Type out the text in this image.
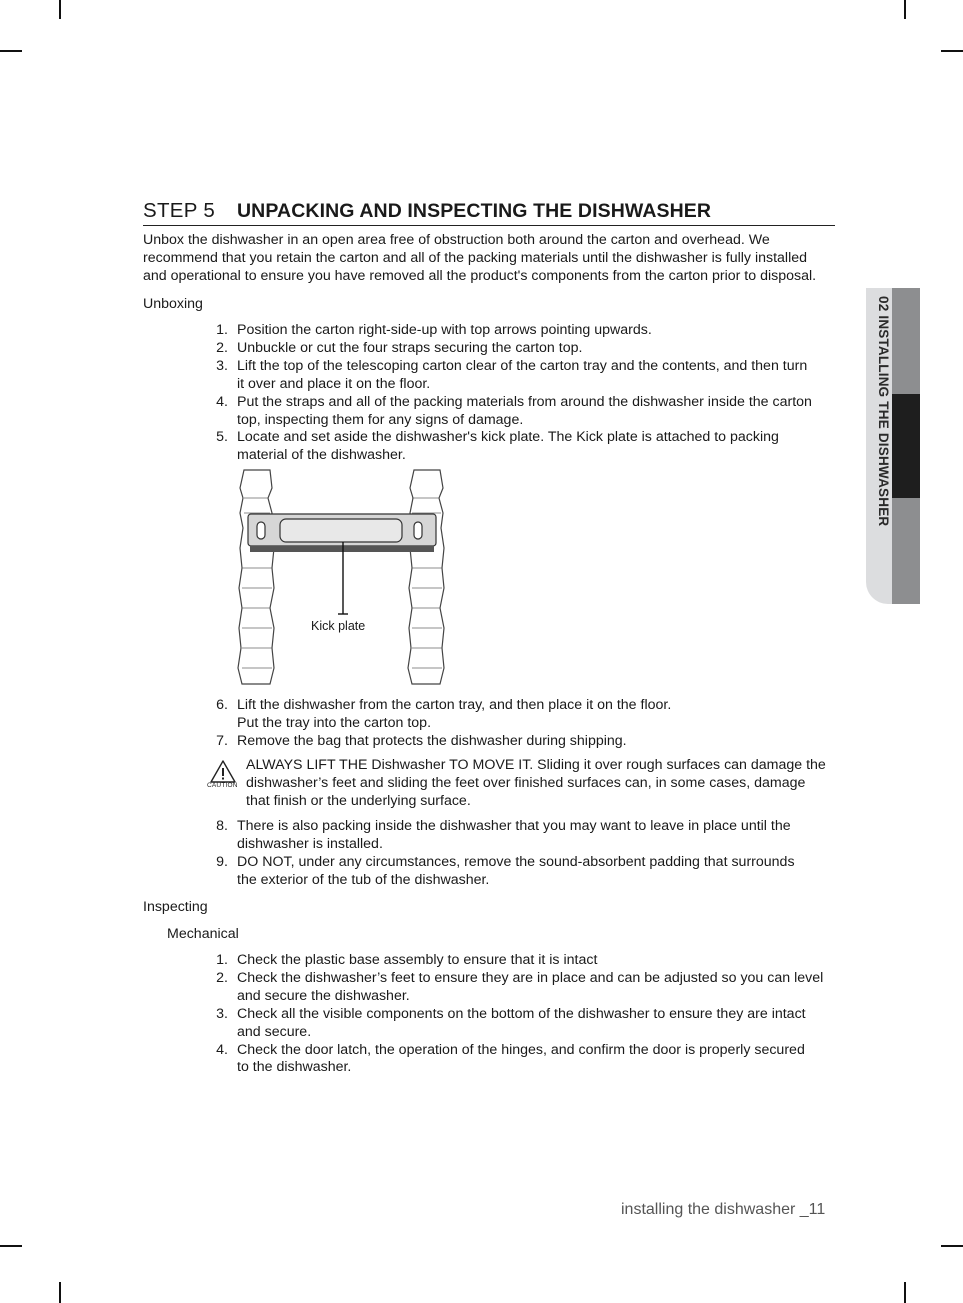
STEP 5 UNPACKING AND INSPECTING THE DISHWASHER
Unbox the dishwasher in an open area free of obstruction both around the carton and overhead. We
recommend that you retain the carton and all of the packing materials until the dishwasher is fully installed
and operational to ensure you have removed all the product's components from the carton prior to disposal.
Unboxing
1. Position the carton right-side-up with top arrows pointing upwards.
2. Unbuckle or cut the four straps securing the carton top.
3. Lift the top of the telescoping carton clear of the carton tray and the contents, and then turn
it over and place it on the floor.
4. Put the straps and all of the packing materials from around the dishwasher inside the carton
top, inspecting them for any signs of damage.
5. Locate and set aside the dishwasher's kick plate. The Kick plate is attached to packing
material of the dishwasher.
Kick plate
6. Lift the dishwasher from the carton tray, and then place it on the floor.
Put the tray into the carton top.
7. Remove the bag that protects the dishwasher during shipping.
CAUTION
ALWAYS LIFT THE Dishwasher TO MOVE IT. Sliding it over rough surfaces can damage the
dishwasher’s feet and sliding the feet over finished surfaces can, in some cases, damage
that finish or the underlying surface.
8. There is also packing inside the dishwasher that you may want to leave in place until the
dishwasher is installed.
9. DO NOT, under any circumstances, remove the sound-absorbent padding that surrounds
the exterior of the tub of the dishwasher.
Inspecting
Mechanical
1. Check the plastic base assembly to ensure that it is intact
2. Check the dishwasher’s feet to ensure they are in place and can be adjusted so you can level
and secure the dishwasher.
3. Check all the visible components on the bottom of the dishwasher to ensure they are intact
and secure.
4. Check the door latch, the operation of the hinges, and confirm the door is properly secured
to the dishwasher.
02 INSTALLING THE DISHWASHER
installing the dishwasher _11
